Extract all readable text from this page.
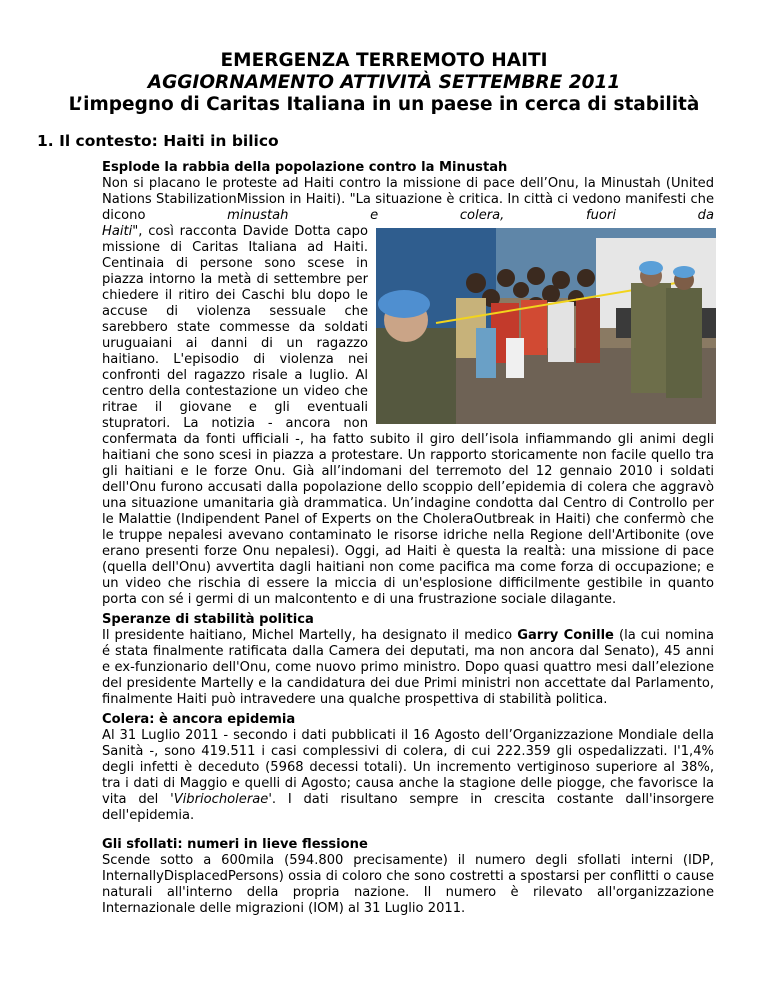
EMERGENZA TERREMOTO HAITI
AGGIORNAMENTO ATTIVITÀ SETTEMBRE 2011
L’impegno di Caritas Italiana in un paese in cerca di stabilità
1. Il contesto: Haiti in bilico

Esplode la rabbia della popolazione contro la Minustah

Non si placano le proteste ad Haiti contro la missione di pace dell’Onu, la Minustah (United Nations StabilizationMission in Haiti). "La situazione è critica. In città ci vedono manifesti che dicono minustah e colera, fuori da Haiti
", così racconta Davide Dotta capo missione di Caritas Italiana ad Haiti. Centinaia di persone sono scese in piazza intorno la metà di settembre per chiedere il ritiro dei Caschi blu dopo le accuse di violenza sessuale che sarebbero state commesse da soldati uruguaiani ai danni di un ragazzo haitiano. L'episodio di violenza nei confronti del ragazzo risale a luglio. Al centro della contestazione un video che ritrae il giovane e gli eventuali stupratori. La notizia - ancora non confermata da fonti ufficiali -, ha fatto subito il giro dell’isola infiammando gli animi degli haitiani che sono scesi in piazza a protestare. Un rapporto storicamente non facile quello tra gli haitiani e le forze Onu. Già all’indomani del terremoto del 12 gennaio 2010 i soldati dell'Onu furono accusati dalla popolazione dello scoppio dell’epidemia di colera che aggravò una situazione umanitaria già drammatica. Un’indagine condotta dal Centro di Controllo per le Malattie (Indipendent Panel of Experts on the CholeraOutbreak in Haiti) che confermò che le truppe nepalesi avevano contaminato le risorse idriche nella Regione dell'Artibonite (ove erano presenti forze Onu nepalesi). Oggi, ad Haiti è questa la realtà: una missione di pace (quella dell'Onu) avvertita dagli haitiani non come pacifica ma come forza di occupazione; e un video che rischia di essere la miccia di un'esplosione difficilmente gestibile in quanto porta con sé i germi di un malcontento e di una frustrazione sociale dilagante.

Speranze di stabilità politica

Il presidente haitiano, Michel Martelly, ha designato il medico Garry Conille (la cui nomina é stata finalmente ratificata dalla Camera dei deputati, ma non ancora dal Senato), 45 anni e ex-funzionario dell'Onu, come nuovo primo ministro. Dopo quasi quattro mesi dall’elezione del presidente Martelly e la candidatura dei due Primi ministri non accettate dal Parlamento, finalmente Haiti può intravedere una qualche prospettiva di stabilità politica.

Colera: è ancora epidemia

Al 31 Luglio 2011 - secondo i dati pubblicati il 16 Agosto dell’Organizzazione Mondiale della Sanità -, sono 419.511 i casi complessivi di colera, di cui 222.359 gli ospedalizzati. l'1,4% degli infetti è deceduto (5968 decessi totali). Un incremento vertiginoso superiore al 38%, tra i dati di Maggio e quelli di Agosto; causa anche la stagione delle piogge, che favorisce la vita del 'Vibriocholerae'. I dati risultano sempre in crescita costante dall'insorgere dell'epidemia.

Gli sfollati: numeri in lieve flessione

Scende sotto a 600mila (594.800 precisamente) il numero degli sfollati interni (IDP, InternallyDisplacedPersons) ossia di coloro che sono costretti a spostarsi per conflitti o cause naturali all'interno della propria nazione. Il numero è rilevato all'organizzazione Internazionale delle migrazioni (IOM) al 31 Luglio 2011.
